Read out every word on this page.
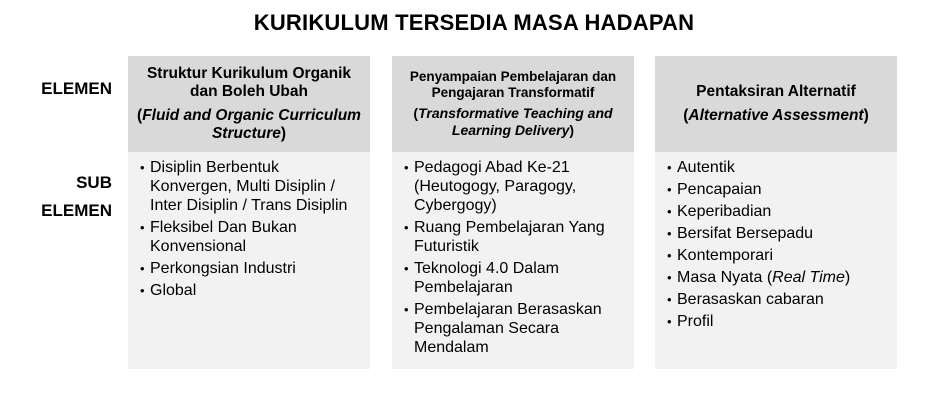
KURIKULUM TERSEDIA MASA HADAPAN
ELEMEN
SUB
ELEMEN
Struktur Kurikulum Organik dan Boleh Ubah
(Fluid and Organic Curriculum Structure)
• Disiplin Berbentuk Konvergen, Multi Disiplin / Inter Disiplin / Trans Disiplin
• Fleksibel Dan Bukan Konvensional
• Perkongsian Industri
• Global
Penyampaian Pembelajaran dan Pengajaran Transformatif
(Transformative Teaching and Learning Delivery)
• Pedagogi Abad Ke-21 (Heutogogy, Paragogy, Cybergogy)
• Ruang Pembelajaran Yang Futuristik
• Teknologi 4.0 Dalam Pembelajaran
• Pembelajaran Berasaskan Pengalaman Secara Mendalam
Pentaksiran Alternatif
(Alternative Assessment)
• Autentik
• Pencapaian
• Keperibadian
• Bersifat Bersepadu
• Kontemporari
• Masa Nyata (Real Time)
• Berasaskan cabaran
• Profil
